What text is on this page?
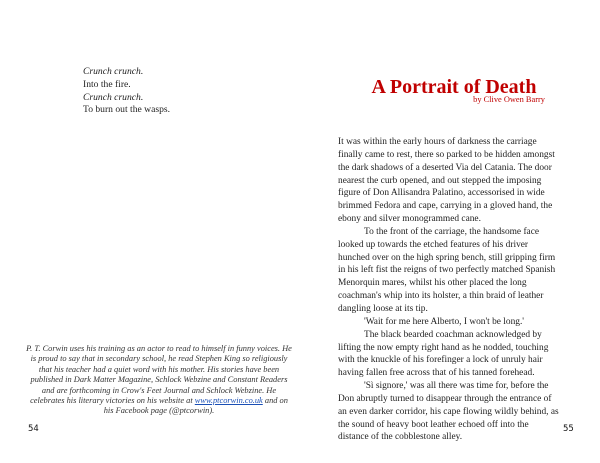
Crunch crunch.
Into the fire.
Crunch crunch.
To burn out the wasps.
P. T. Corwin uses his training as an actor to read to himself in funny voices. He is proud to say that in secondary school, he read Stephen King so religiously that his teacher had a quiet word with his mother. His stories have been published in Dark Matter Magazine, Schlock Webzine and Constant Readers and are forthcoming in Crow's Feet Journal and Schlock Webzine. He celebrates his literary victories on his website at www.ptcorwin.co.uk and on his Facebook page (@ptcorwin).
54
A Portrait of Death
by Clive Owen Barry
It was within the early hours of darkness the carriage
finally came to rest, there so parked to be hidden amongst
the dark shadows of a deserted Via del Catania. The door
nearest the curb opened, and out stepped the imposing
figure of Don Allisandra Palatino, accessorised in wide
brimmed Fedora and cape, carrying in a gloved hand, the
ebony and silver monogrammed cane.
To the front of the carriage, the handsome face
looked up towards the etched features of his driver
hunched over on the high spring bench, still gripping firm
in his left fist the reigns of two perfectly matched Spanish
Menorquin mares, whilst his other placed the long
coachman's whip into its holster, a thin braid of leather
dangling loose at its tip.
'Wait for me here Alberto, I won't be long.'
The black bearded coachman acknowledged by
lifting the now empty right hand as he nodded, touching
with the knuckle of his forefinger a lock of unruly hair
having fallen free across that of his tanned forehead.
'Sì signore,' was all there was time for, before the
Don abruptly turned to disappear through the entrance of
an even darker corridor, his cape flowing wildly behind, as
the sound of heavy boot leather echoed off into the
distance of the cobblestone alley.
55
